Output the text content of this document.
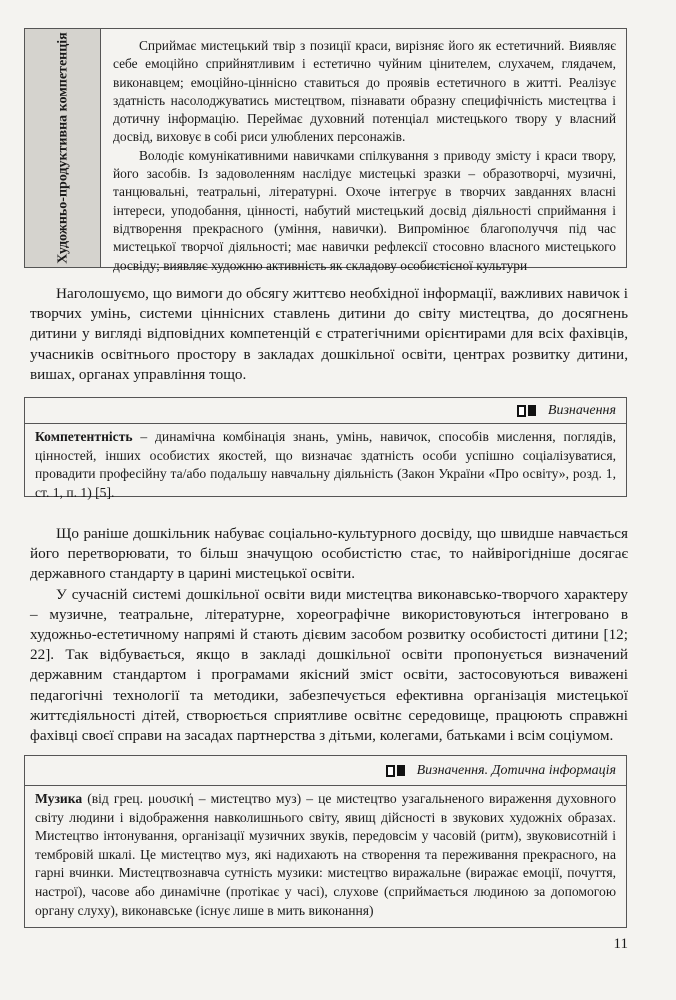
Художньо-продуктивна компетенція	Сприймає мистецький твір з позиції краси, вирізняє його як естетичний. Виявляє себе емоційно сприйнятливим і естетично чуйним цінителем, слухачем, глядачем, виконавцем; емоційно-ціннісно ставиться до проявів естетичного в житті. Реалізує здатність насолоджуватись мистецтвом, пізнавати образну специфічність мистецтва і дотичну інформацію. Переймає духовний потенціал мистецького твору у власний досвід, виховує в собі риси улюблених персонажів.

Володіє комунікативними навичками спілкування з приводу змісту і краси твору, його засобів. Із задоволенням наслідує мистецькі зразки – образотворчі, музичні, танцювальні, театральні, літературні. Охоче інтегрує в творчих завданнях власні інтереси, уподобання, цінності, набутий мистецький досвід діяльності сприймання і відтворення прекрасного (уміння, навички). Випромінює благополуччя під час мистецької творчої діяльності; має навички рефлексії стосовно власного мистецького досвіду; виявляє художню активність як складову особистісної культури

Наголошуємо, що вимоги до обсягу життєво необхідної інформації, важливих навичок і творчих умінь, системи ціннісних ставлень дитини до світу мистецтва, до досягнень дитини у вигляді відповідних компетенцій є стратегічними орієнтирами для всіх фахівців, учасників освітнього простору в закладах дошкільної освіти, центрах розвитку дитини, вишах, органах управління тощо.

Визначення
Компетентність – динамічна комбінація знань, умінь, навичок, способів мислення, поглядів, цінностей, інших особистих якостей, що визначає здатність особи успішно соціалізуватися, провадити професійну та/або подальшу навчальну діяльність (Закон України «Про освіту», розд. 1, ст. 1, п. 1) [5].

Що раніше дошкільник набуває соціально-культурного досвіду, що швидше навчається його перетворювати, то більш значущою особистістю стає, то найвірогідніше досягає державного стандарту в царині мистецької освіти.

У сучасній системі дошкільної освіти види мистецтва виконавсько-творчого характеру – музичне, театральне, літературне, хореографічне використовуються інтегровано в художньо-естетичному напрямі й стають дієвим засобом розвитку особистості дитини [12; 22]. Так відбувається, якщо в закладі дошкільної освіти пропонується визначений державним стандартом і програмами якісний зміст освіти, застосовуються виважені педагогічні технології та методики, забезпечується ефективна організація мистецької життєдіяльності дітей, створюється сприятливе освітнє середовище, працюють справжні фахівці своєї справи на засадах партнерства з дітьми, колегами, батьками і всім соціумом.

Визначення. Дотична інформація
Музика (від грец. μουσική – мистецтво муз) – це мистецтво узагальненого вираження духовного світу людини і відображення навколишнього світу, явищ дійсності в звукових художніх образах. Мистецтво інтонування, організації музичних звуків, передовсім у часовій (ритм), звуковисотній і тембровій шкалі. Це мистецтво муз, які надихають на створення та переживання прекрасного, на гарні вчинки. Мистецтвознавча сутність музики: мистецтво виражальне (виражає емоції, почуття, настрої), часове або динамічне (протікає у часі), слухове (сприймається людиною за допомогою органу слуху), виконавське (існує лише в мить виконання)
11
